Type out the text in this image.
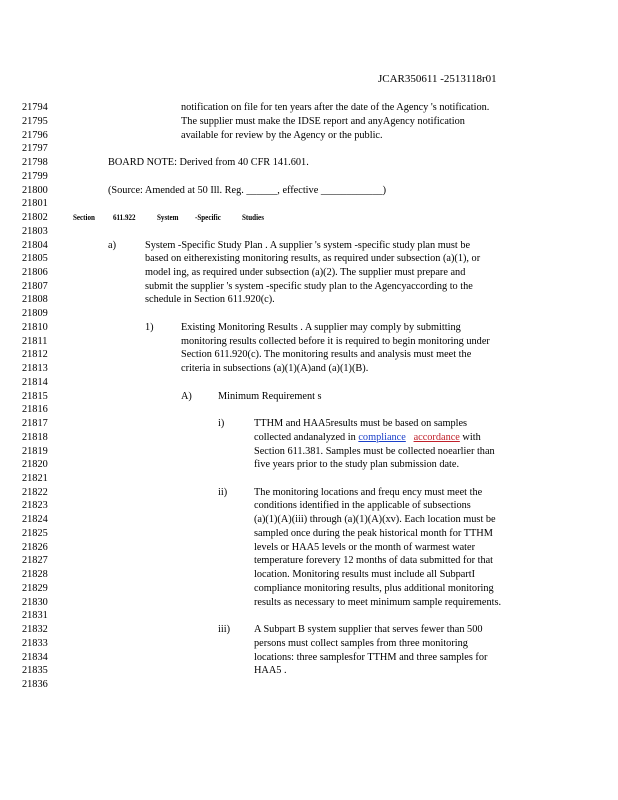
JCAR350611 -2513118r01
21794
21795
21796
21797
21798
21799
21800
21801
21802
21803
21804
21805
21806
21807
21808
21809
21810
21811
21812
21813
21814
21815
21816
21817
21818
21819
21820
21821
21822
21823
21824
21825
21826
21827
21828
21829
21830
21831
21832
21833
21834
21835
21836
notification on file for ten years after the date of the Agency 's notification.
The supplier must make the IDSE report and anyAgency notification
available for review by the Agency or the public.
BOARD NOTE: Derived from 40 CFR 141.601.
(Source: Amended at 50 Ill. Reg. ______, effective ____________)
Section 611.922 System -Specific Studies
a)	System -Specific Study Plan . A supplier 's system -specific study plan must be
based on eitherexisting monitoring results, as required under subsection (a)(1), or
model ing, as required under subsection (a)(2). The supplier must prepare and
submit the supplier 's system -specific study plan to the Agencyaccording to the
schedule in Section 611.920(c).
1)	Existing Monitoring Results . A supplier may comply by submitting
monitoring results collected before it is required to begin monitoring under
Section 611.920(c). The monitoring results and analysis must meet the
criteria in subsections (a)(1)(A)and (a)(1)(B).
A)	Minimum Requirement s
i)	TTHM and HAA5results must be based on samples
collected andanalyzed in compliance accordance with
Section 611.381. Samples must be collected noearlier than
five years prior to the study plan submission date.
ii)	The monitoring locations and frequ ency must meet the
conditions identified in the applicable of subsections
(a)(1)(A)(iii) through (a)(1)(A)(xv). Each location must be
sampled once during the peak historical month for TTHM
levels or HAA5 levels or the month of warmest water
temperature forevery 12 months of data submitted for that
location. Monitoring results must include all SubpartI
compliance monitoring results, plus additional monitoring
results as necessary to meet minimum sample requirements.
iii) A Subpart B system supplier that serves fewer than 500
persons must collect samples from three monitoring
locations: three samplesfor TTHM and three samples for
HAA5 .
